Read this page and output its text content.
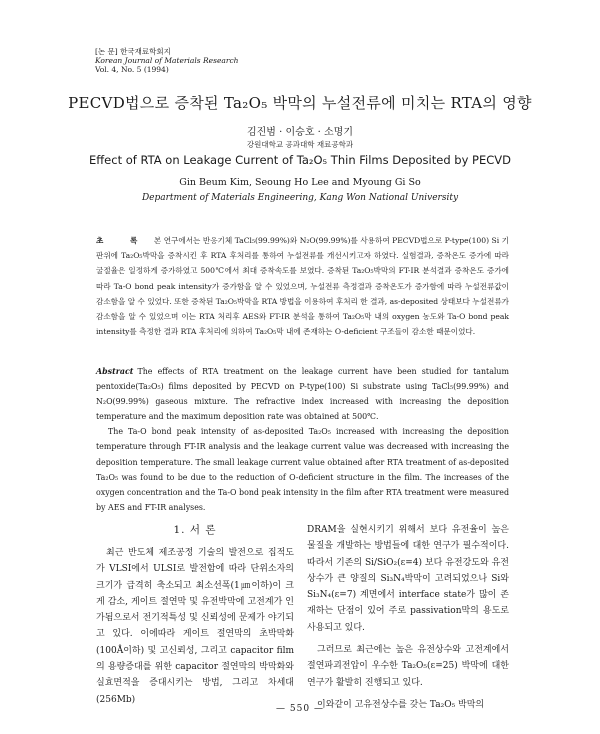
[논 문] 한국재료학회지
Korean Journal of Materials Research
Vol. 4, No. 5 (1994)
PECVD법으로 증착된 Ta₂O₅ 박막의 누설전류에 미치는 RTA의 영향
김진범 · 이승호 · 소명기
강원대학교 공과대학 재료공학과
Effect of RTA on Leakage Current of Ta₂O₅ Thin Films Deposited by PECVD
Gin Beum Kim, Seoung Ho Lee and Myoung Gi So
Department of Materials Engineering, Kang Won National University

초 록 본 연구에서는 반응기체 TaCl₅(99.99%)와 N₂O(99.99%)를 사용하여 PECVD법으로 P-type(100) Si 기판위에 Ta₂O₅박막을 증착시킨 후 RTA 후처리를 통하여 누설전류를 개선시키고자 하였다. 실험결과, 증착온도 증가에 따라 굴절율은 일정하게 증가하였고 500℃에서 최대 증착속도를 보였다. 증착된 Ta₂O₅박막의 FT-IR 분석결과 증착온도 증가에 따라 Ta-O bond peak intensity가 증가함을 알 수 있었으며, 누설전류 측정결과 증착온도가 증가함에 따라 누설전류값이 감소함을 알 수 있었다. 또한 증착된 Ta₂O₅박막을 RTA 방법을 이용하여 후처리 한 결과, as-deposited 상태보다 누설전류가 감소함을 알 수 있었으며 이는 RTA 처리후 AES와 FT-IR 분석을 통하여 Ta₂O₅막 내의 oxygen 농도와 Ta-O bond peak intensity를 측정한 결과 RTA 후처리에 의하여 Ta₂O₅막 내에 존재하는 O-deficient 구조들이 감소한 때문이었다.

Abstract The effects of RTA treatment on the leakage current have been studied for tantalum pentoxide(Ta₂O₅) films deposited by PECVD on P-type(100) Si substrate using TaCl₅(99.99%) and N₂O(99.99%) gaseous mixture. The refractive index increased with increasing the deposition temperature and the maximum deposition rate was obtained at 500℃.

The Ta-O bond peak intensity of as-deposited Ta₂O₅ increased with increasing the deposition temperature through FT-IR analysis and the leakage current value was decreased with increasing the deposition temperature. The small leakage current value obtained after RTA treatment of as-deposited Ta₂O₅ was found to be due to the reduction of O-deficient structure in the film. The increases of the oxygen concentration and the Ta-O bond peak intensity in the film after RTA treatment were measured by AES and FT-IR analyses.

1. 서 론

최근 반도체 제조공정 기술의 발전으로 집적도가 VLSI에서 ULSI로 발전함에 따라 단위소자의 크기가 급격히 축소되고 최소선폭(1㎛이하)이 크게 감소, 게이트 절연막 및 유전박막에 고전계가 인가됨으로서 전기적특성 및 신뢰성에 문제가 야기되고 있다. 이에따라 게이트 절연막의 초박막화(100Å이하) 및 고신뢰성, 그리고 capacitor film의 용량증대를 위한 capacitor 절연막의 박막화와 실효면적을 증대시키는 방법, 그리고 차세대(256Mb)

DRAM을 실현시키기 위해서 보다 유전율이 높은 물질을 개발하는 방법들에 대한 연구가 필수적이다. 따라서 기존의 Si/SiO₂(ε=4) 보다 유전강도와 유전상수가 큰 양질의 Si₃N₄박막이 고려되었으나 Si와 Si₃N₄(ε=7) 계면에서 interface state가 많이 존재하는 단점이 있어 주로 passivation막의 용도로 사용되고 있다.

그러므로 최근에는 높은 유전상수와 고전계에서 절연파괴전압이 우수한 Ta₂O₅(ε=25) 박막에 대한 연구가 활발히 진행되고 있다.

이와같이 고유전상수를 갖는 Ta₂O₅ 박막의

— 550 —
